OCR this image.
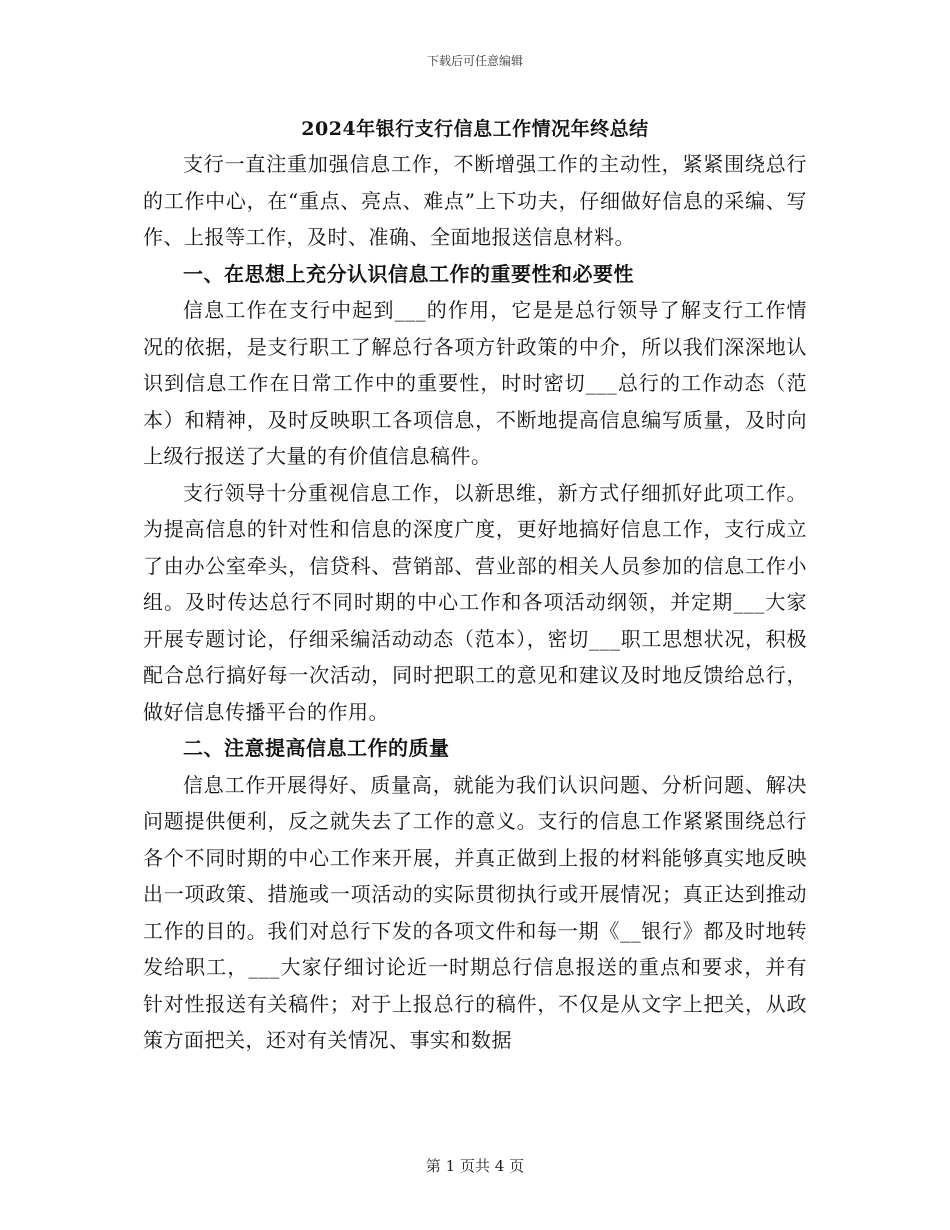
下载后可任意编辑
2024年银行支行信息工作情况年终总结

支行一直注重加强信息工作，不断增强工作的主动性，紧紧围绕总行的工作中心，在“重点、亮点、难点”上下功夫，仔细做好信息的采编、写作、上报等工作，及时、准确、全面地报送信息材料。

一、在思想上充分认识信息工作的重要性和必要性

信息工作在支行中起到___的作用，它是是总行领导了解支行工作情况的依据，是支行职工了解总行各项方针政策的中介，所以我们深深地认识到信息工作在日常工作中的重要性，时时密切___总行的工作动态（范本）和精神，及时反映职工各项信息，不断地提高信息编写质量，及时向上级行报送了大量的有价值信息稿件。

支行领导十分重视信息工作，以新思维，新方式仔细抓好此项工作。为提高信息的针对性和信息的深度广度，更好地搞好信息工作，支行成立了由办公室牵头，信贷科、营销部、营业部的相关人员参加的信息工作小组。及时传达总行不同时期的中心工作和各项活动纲领，并定期___大家开展专题讨论，仔细采编活动动态（范本），密切___职工思想状况，积极配合总行搞好每一次活动，同时把职工的意见和建议及时地反馈给总行，做好信息传播平台的作用。

二、注意提高信息工作的质量

信息工作开展得好、质量高，就能为我们认识问题、分析问题、解决问题提供便利，反之就失去了工作的意义。支行的信息工作紧紧围绕总行各个不同时期的中心工作来开展，并真正做到上报的材料能够真实地反映出一项政策、措施或一项活动的实际贯彻执行或开展情况；真正达到推动工作的目的。我们对总行下发的各项文件和每一期《__银行》都及时地转发给职工，___大家仔细讨论近一时期总行信息报送的重点和要求，并有针对性报送有关稿件；对于上报总行的稿件，不仅是从文字上把关，从政策方面把关，还对有关情况、事实和数据

第 1 页共 4 页
